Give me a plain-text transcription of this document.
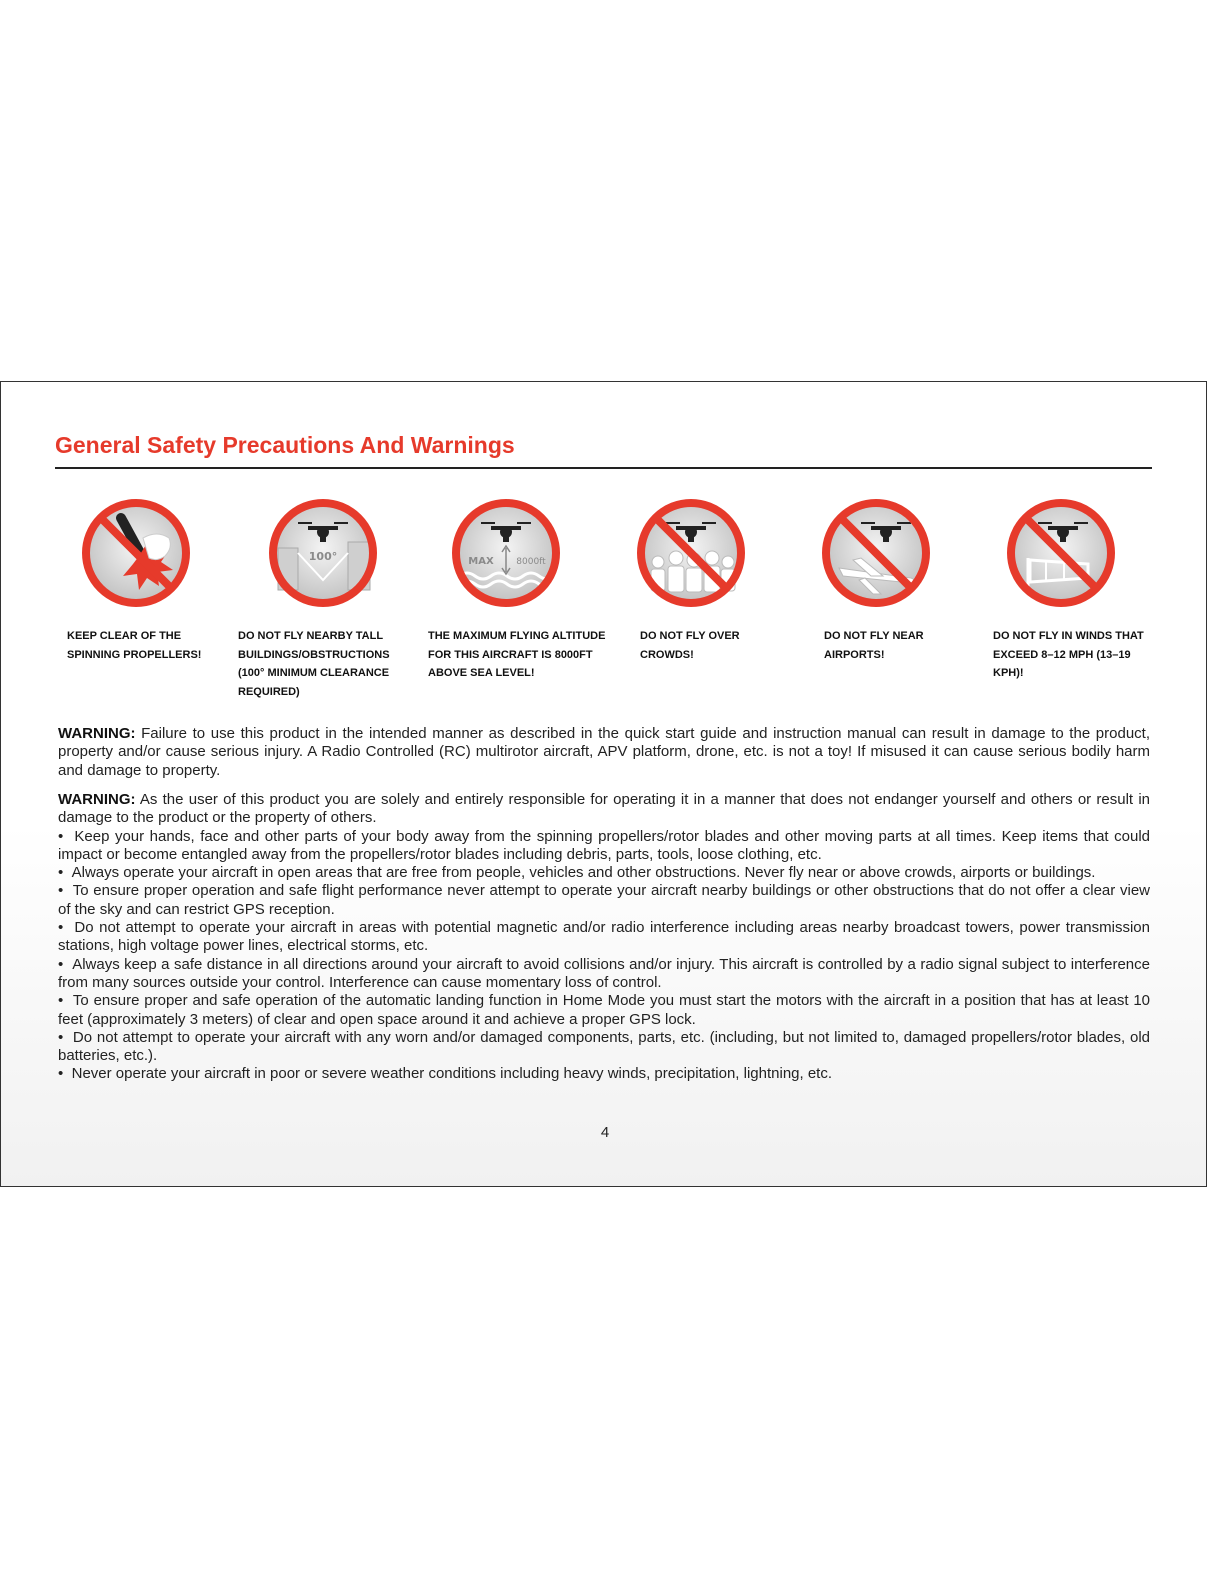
General Safety Precautions And Warnings
100°	MAX	8000ft

KEEP CLEAR OF THE SPINNING PROPELLERS!

DO NOT FLY NEARBY TALL BUILDINGS/OBSTRUCTIONS (100° MINIMUM CLEARANCE REQUIRED)

THE MAXIMUM FLYING ALTITUDE FOR THIS AIRCRAFT IS 8000FT ABOVE SEA LEVEL!

DO NOT FLY OVER CROWDS!

DO NOT FLY NEAR AIRPORTS!

DO NOT FLY IN WINDS THAT EXCEED 8–12 MPH (13–19 KPH)!

WARNING: Failure to use this product in the intended manner as described in the quick start guide and instruction manual can result in damage to the product, property and/or cause serious injury. A Radio Controlled (RC) multirotor aircraft, APV platform, drone, etc. is not a toy! If misused it can cause serious bodily harm and damage to property.

WARNING: As the user of this product you are solely and entirely responsible for operating it in a manner that does not endanger yourself and others or result in damage to the product or the property of others.
• Keep your hands, face and other parts of your body away from the spinning propellers/rotor blades and other moving parts at all times. Keep items that could impact or become entangled away from the propellers/rotor blades including debris, parts, tools, loose clothing, etc.
• Always operate your aircraft in open areas that are free from people, vehicles and other obstructions. Never fly near or above crowds, airports or buildings.
• To ensure proper operation and safe flight performance never attempt to operate your aircraft nearby buildings or other obstructions that do not offer a clear view of the sky and can restrict GPS reception.
• Do not attempt to operate your aircraft in areas with potential magnetic and/or radio interference including areas nearby broadcast towers, power transmission stations, high voltage power lines, electrical storms, etc.
• Always keep a safe distance in all directions around your aircraft to avoid collisions and/or injury. This aircraft is controlled by a radio signal subject to interference from many sources outside your control. Interference can cause momentary loss of control.
• To ensure proper and safe operation of the automatic landing function in Home Mode you must start the motors with the aircraft in a position that has at least 10 feet (approximately 3 meters) of clear and open space around it and achieve a proper GPS lock.
• Do not attempt to operate your aircraft with any worn and/or damaged components, parts, etc. (including, but not limited to, damaged propellers/rotor blades, old batteries, etc.).
• Never operate your aircraft in poor or severe weather conditions including heavy winds, precipitation, lightning, etc.
4
